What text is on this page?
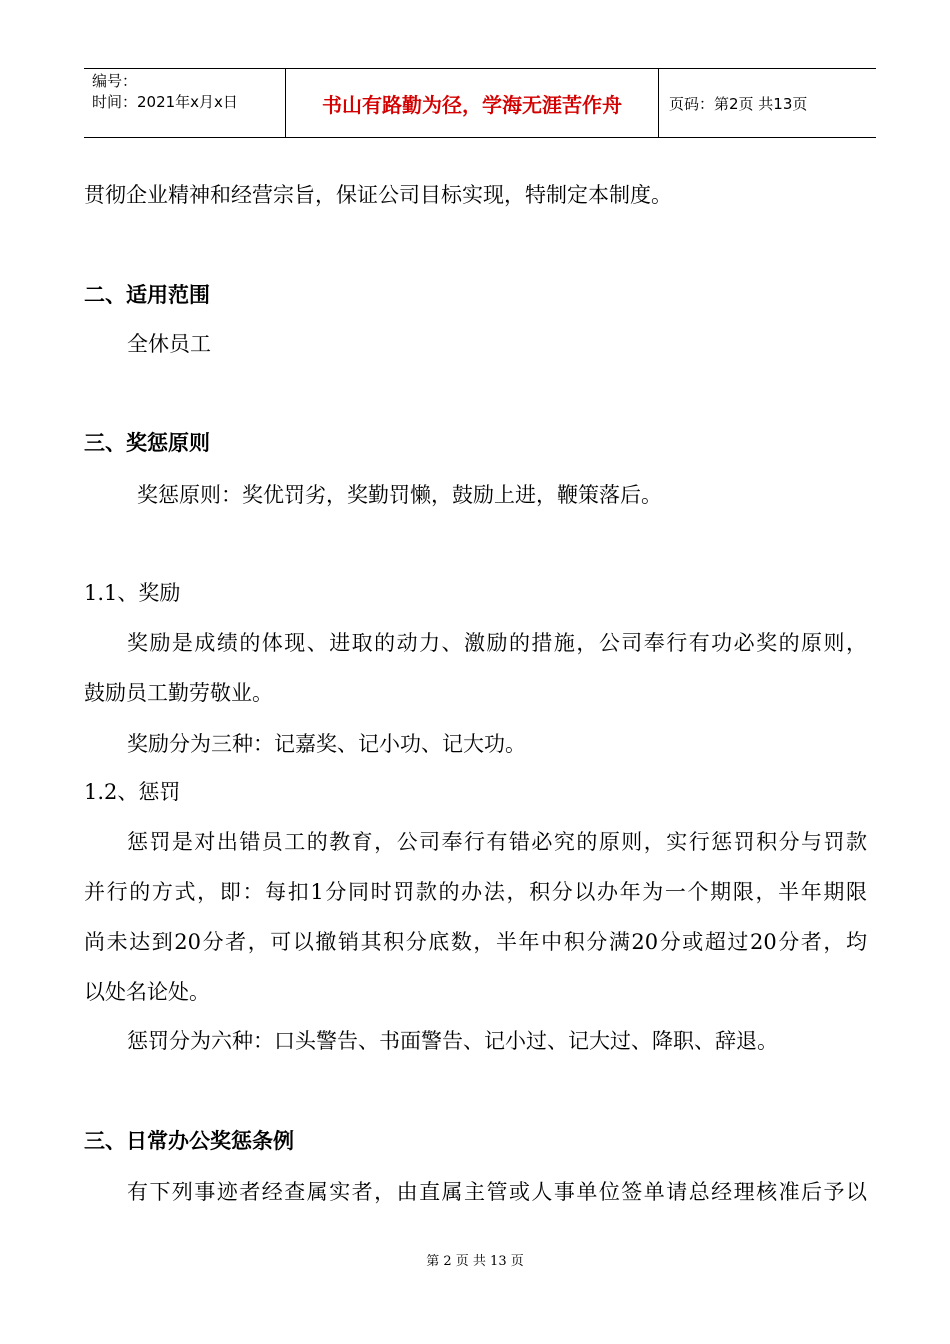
编号：
时间：2021年x月x日	书山有路勤为径，学海无涯苦作舟	页码：第2页 共13页
贯彻企业精神和经营宗旨，保证公司目标实现，特制定本制度。
二、适用范围
全休员工
三、奖惩原则
奖惩原则：奖优罚劣，奖勤罚懒，鼓励上进，鞭策落后。
1.1、奖励
奖励是成绩的体现、进取的动力、激励的措施，公司奉行有功必奖的原则，
鼓励员工勤劳敬业。
奖励分为三种：记嘉奖、记小功、记大功。
1.2、惩罚
惩罚是对出错员工的教育，公司奉行有错必究的原则，实行惩罚积分与罚款
并行的方式，即：每扣1分同时罚款的办法，积分以办年为一个期限，半年期限
尚未达到20分者，可以撤销其积分底数，半年中积分满20分或超过20分者，均
以处名论处。
惩罚分为六种：口头警告、书面警告、记小过、记大过、降职、辞退。
三、日常办公奖惩条例
有下列事迹者经查属实者，由直属主管或人事单位签单请总经理核准后予以
第 2 页 共 13 页
